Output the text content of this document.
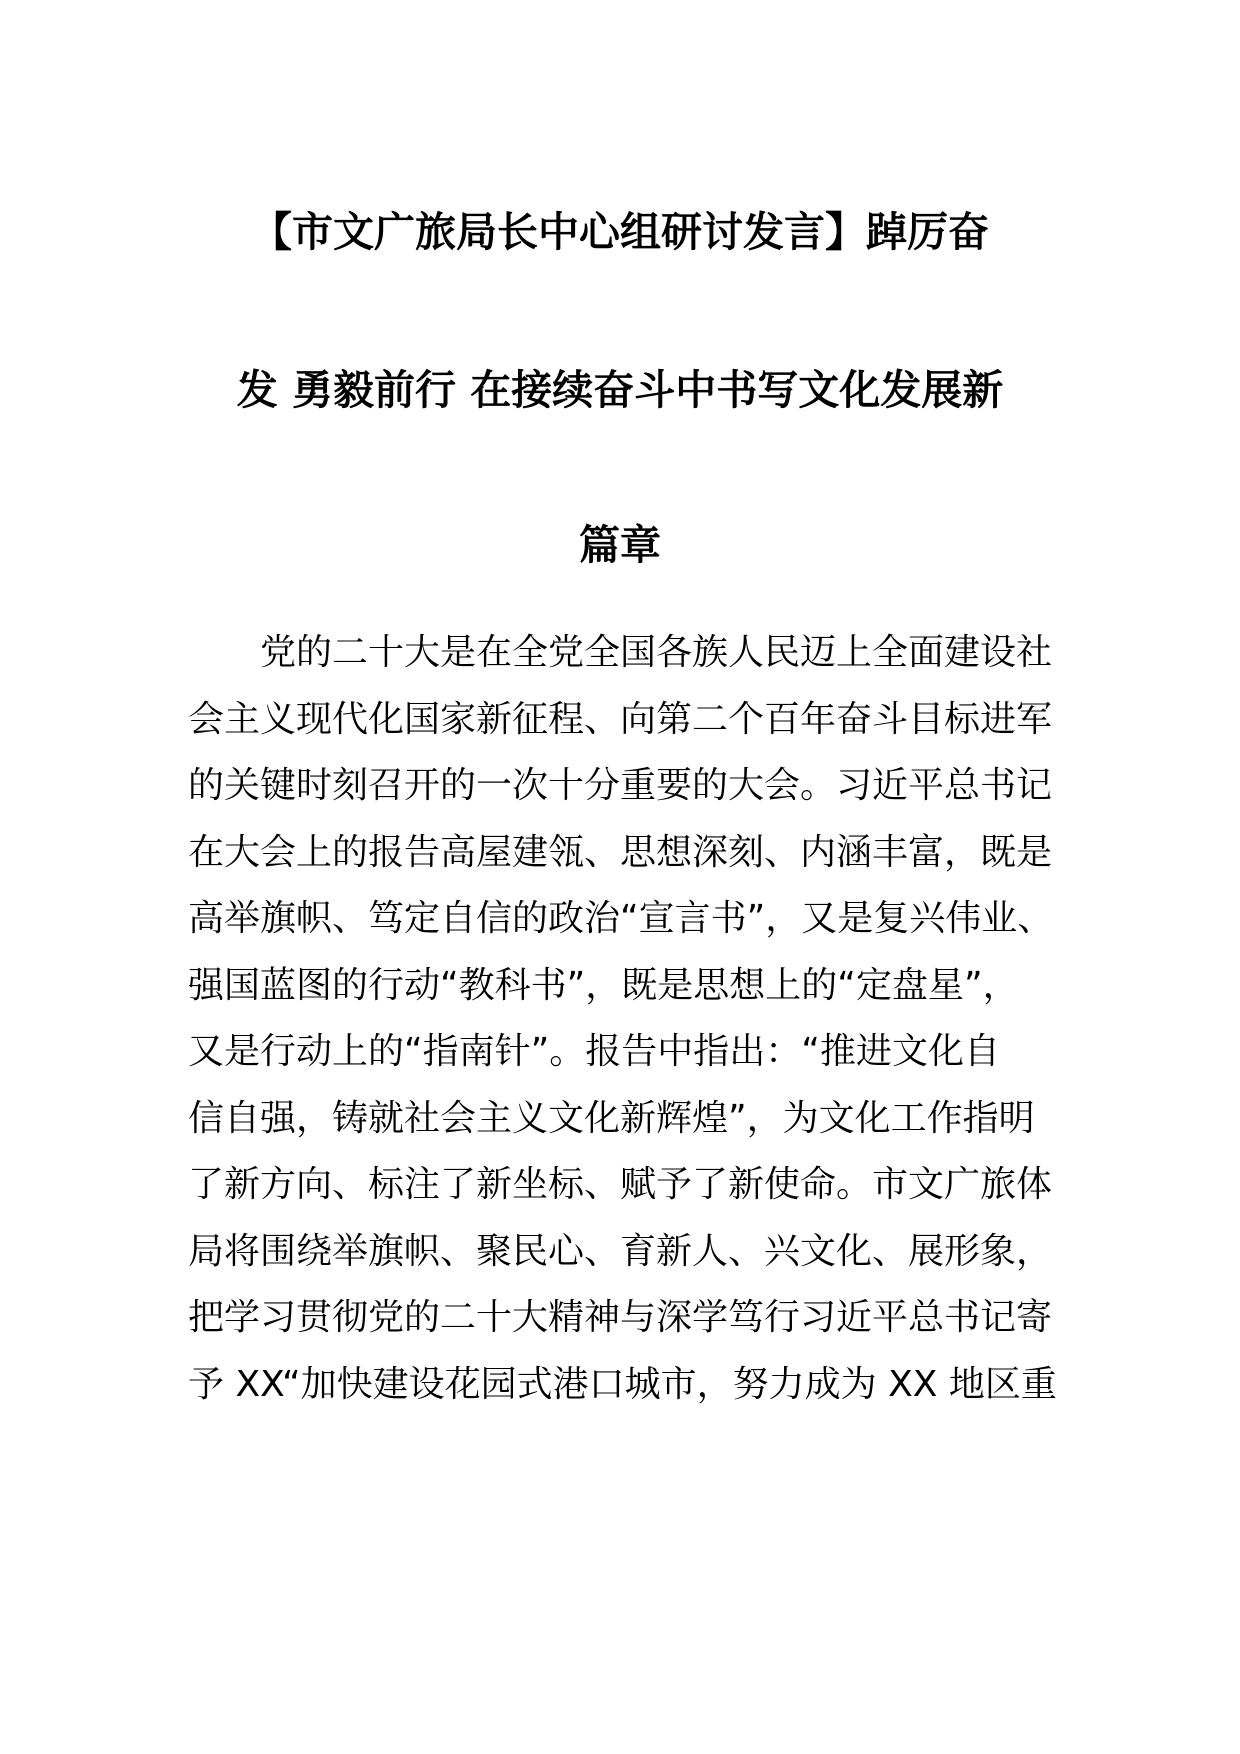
【市文广旅局长中心组研讨发言】踔厉奋
发 勇毅前行 在接续奋斗中书写文化发展新
篇章
党的二十大是在全党全国各族人民迈上全面建设社
会主义现代化国家新征程、向第二个百年奋斗目标进军
的关键时刻召开的一次十分重要的大会。习近平总书记
在大会上的报告高屋建瓴、思想深刻、内涵丰富，既是
高举旗帜、笃定自信的政治“宣言书”，又是复兴伟业、
强国蓝图的行动“教科书”，既是思想上的“定盘星”，
又是行动上的“指南针”。报告中指出：“推进文化自
信自强，铸就社会主义文化新辉煌”，为文化工作指明
了新方向、标注了新坐标、赋予了新使命。市文广旅体
局将围绕举旗帜、聚民心、育新人、兴文化、展形象，
把学习贯彻党的二十大精神与深学笃行习近平总书记寄
予 XX“加快建设花园式港口城市，努力成为 XX 地区重
